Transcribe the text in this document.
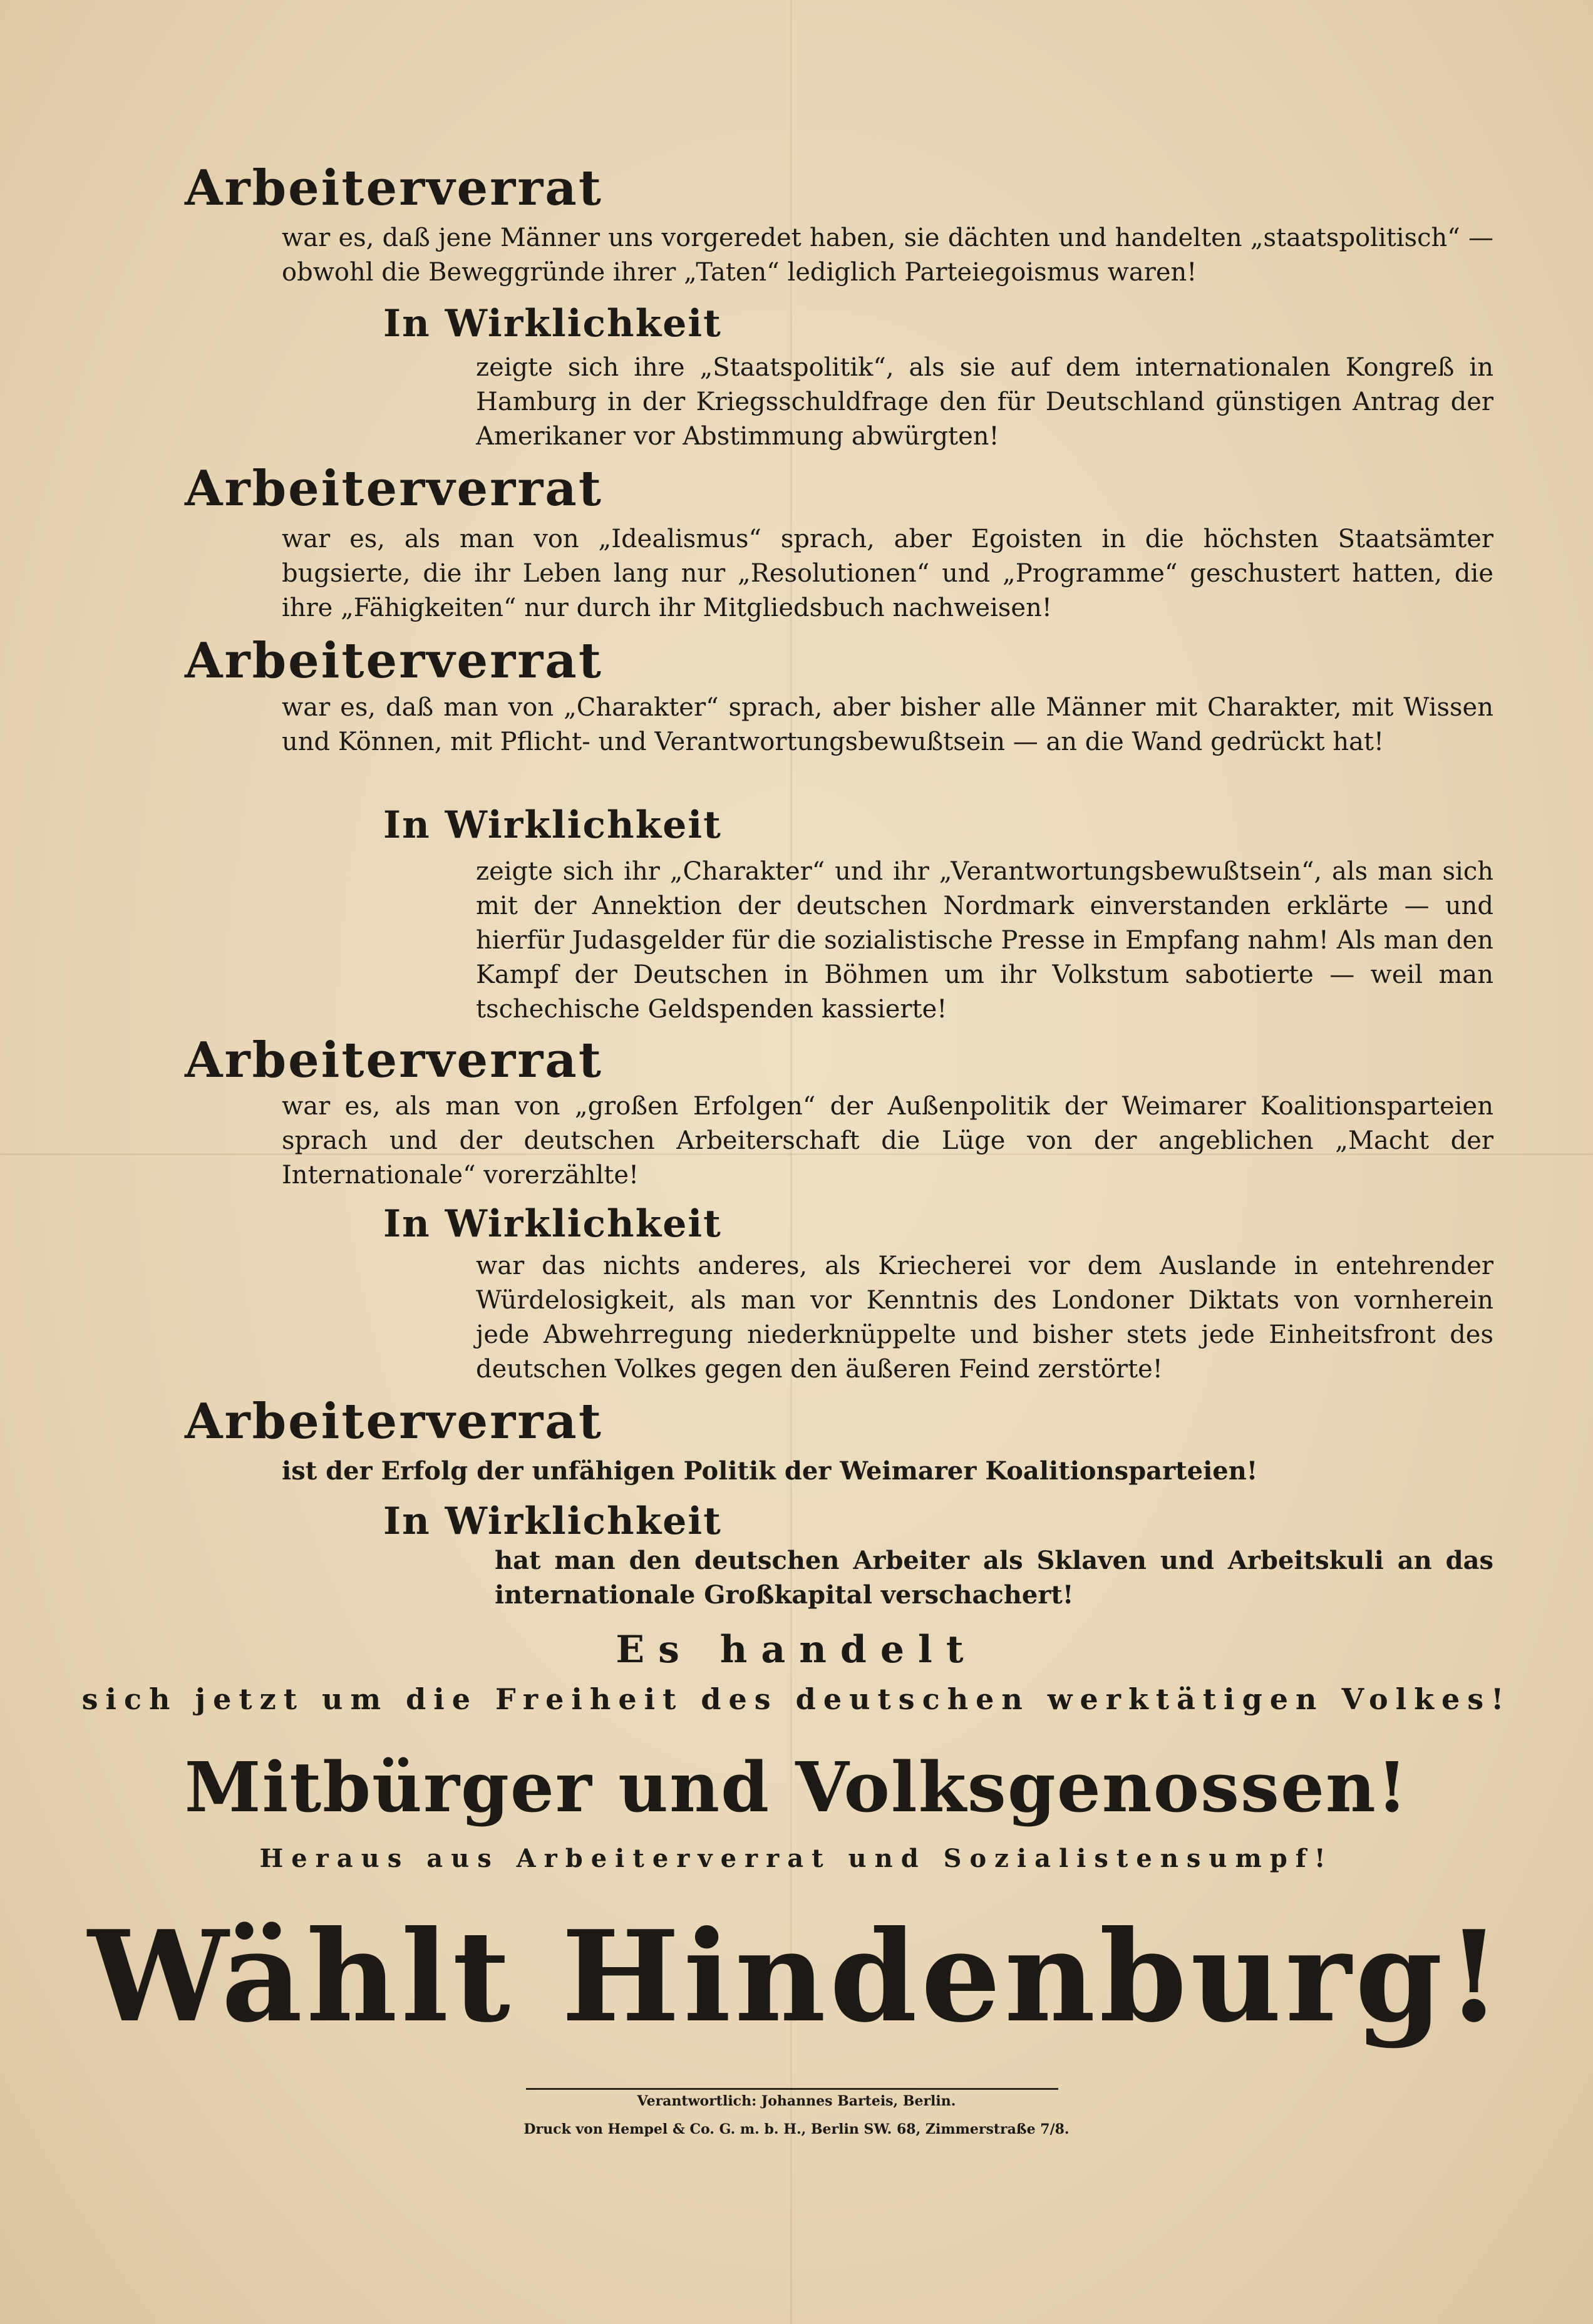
Arbeiterverrat

war es, daß jene Männer uns vorgeredet haben, sie dächten und handelten „staatspolitisch“ — obwohl die Beweggründe ihrer „Taten“ lediglich Parteiegoismus waren!

In Wirklichkeit

zeigte sich ihre „Staatspolitik“, als sie auf dem internationalen Kongreß in Hamburg in der Kriegsschuldfrage den für Deutschland günstigen Antrag der Amerikaner vor Abstimmung abwürgten!

Arbeiterverrat

war es, als man von „Idealismus“ sprach, aber Egoisten in die höchsten Staatsämter bugsierte, die ihr Leben lang nur „Resolutionen“ und „Programme“ geschustert hatten, die ihre „Fähigkeiten“ nur durch ihr Mitgliedsbuch nachweisen!

Arbeiterverrat

war es, daß man von „Charakter“ sprach, aber bisher alle Männer mit Charakter, mit Wissen und Können, mit Pflicht- und Verantwortungsbewußtsein — an die Wand gedrückt hat!

In Wirklichkeit

zeigte sich ihr „Charakter“ und ihr „Verantwortungsbewußtsein“, als man sich mit der Annektion der deutschen Nordmark einverstanden erklärte — und hierfür Judasgelder für die sozialistische Presse in Empfang nahm! Als man den Kampf der Deutschen in Böhmen um ihr Volkstum sabotierte — weil man tschechische Geldspenden kassierte!

Arbeiterverrat

war es, als man von „großen Erfolgen“ der Außenpolitik der Weimarer Koalitionsparteien sprach und der deutschen Arbeiterschaft die Lüge von der angeblichen „Macht der Internationale“ vorerzählte!

In Wirklichkeit

war das nichts anderes, als Kriecherei vor dem Auslande in entehrender Würdelosigkeit, als man vor Kenntnis des Londoner Diktats von vornherein jede Abwehrregung niederknüppelte und bisher stets jede Einheitsfront des deutschen Volkes gegen den äußeren Feind zerstörte!

Arbeiterverrat

ist der Erfolg der unfähigen Politik der Weimarer Koalitionsparteien!

In Wirklichkeit

hat man den deutschen Arbeiter als Sklaven und Arbeitskuli an das internationale Großkapital verschachert!

Es handelt

sich jetzt um die Freiheit des deutschen werktätigen Volkes!

Mitbürger und Volksgenossen!

Heraus aus Arbeiterverrat und Sozialistensumpf!

Wählt Hindenburg!

Verantwortlich: Johannes Barteis, Berlin.

Druck von Hempel & Co. G. m. b. H., Berlin SW. 68, Zimmerstraße 7/8.
